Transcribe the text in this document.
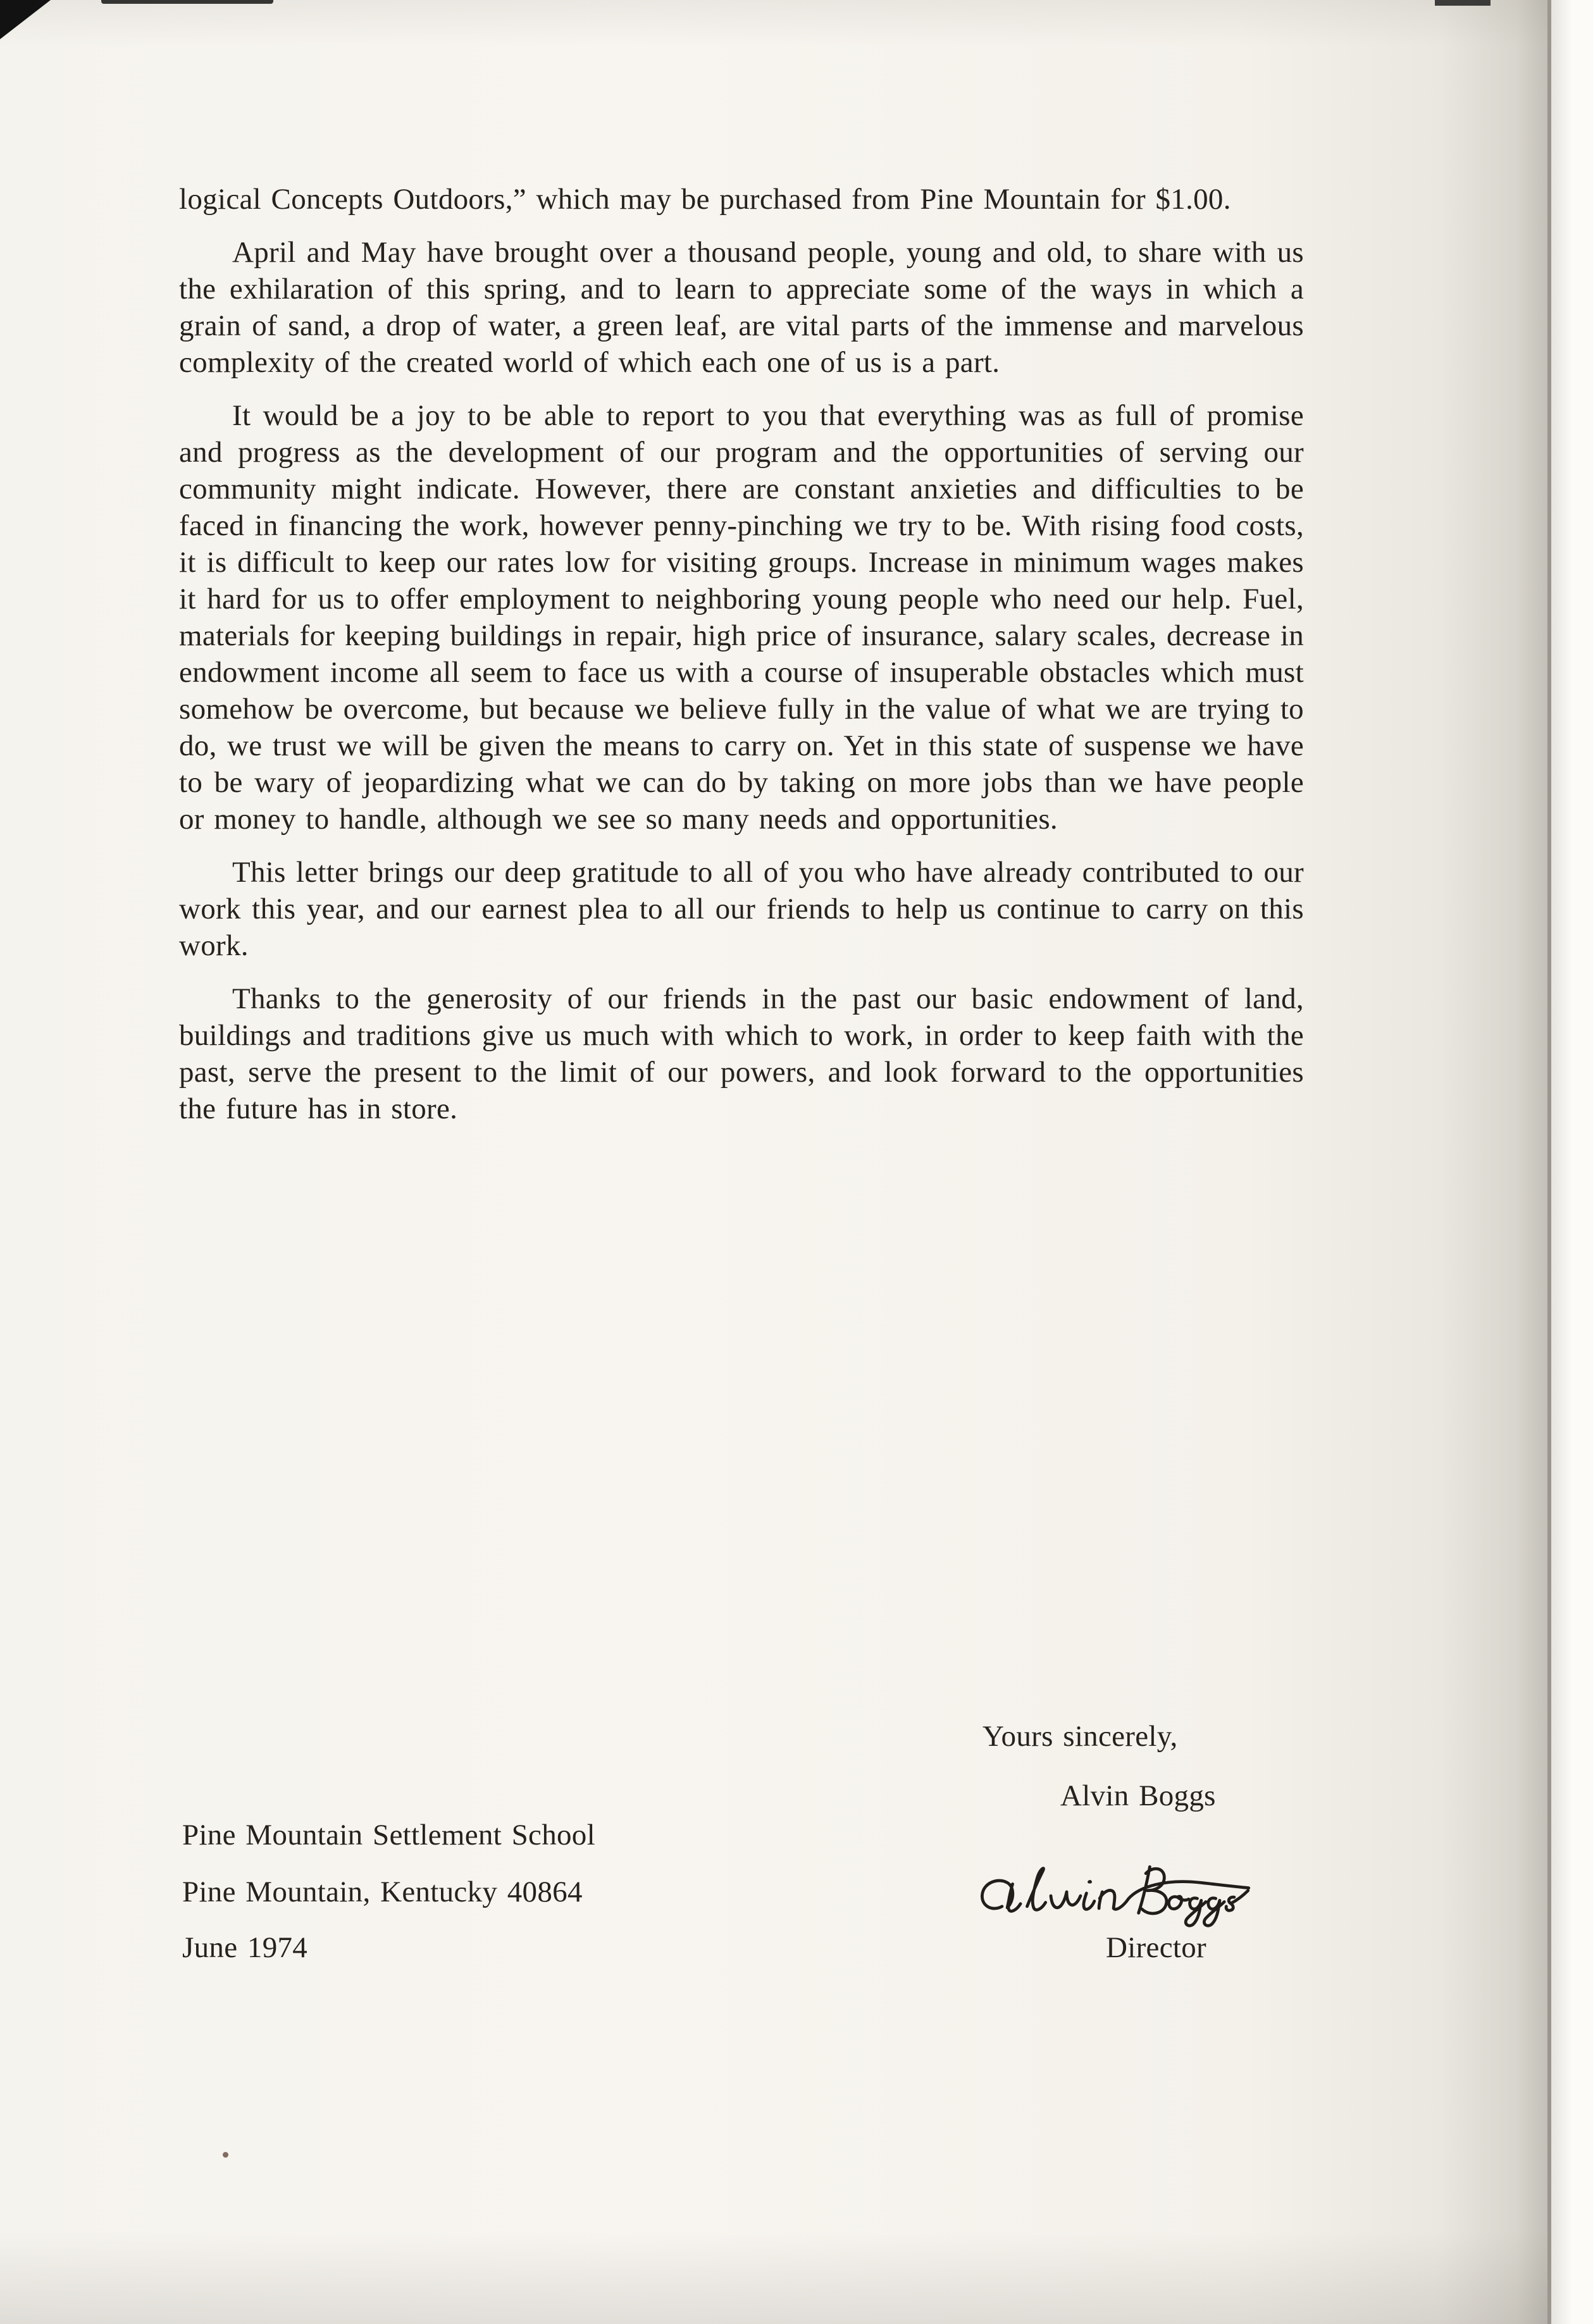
logical Concepts Outdoors,” which may be purchased from Pine Mountain for $1.00.

April and May have brought over a thousand people, young and old, to share with us the exhilaration of this spring, and to learn to appreciate some of the ways in which a grain of sand, a drop of water, a green leaf, are vital parts of the immense and marvelous complexity of the created world of which each one of us is a part.

It would be a joy to be able to report to you that everything was as full of promise and progress as the development of our program and the opportunities of serving our community might indicate. However, there are constant anxieties and difficulties to be faced in financing the work, however penny-pinching we try to be. With rising food costs, it is difficult to keep our rates low for visiting groups. Increase in minimum wages makes it hard for us to offer employment to neighboring young people who need our help. Fuel, materials for keeping buildings in repair, high price of insurance, salary scales, decrease in endowment income all seem to face us with a course of insuperable obstacles which must somehow be overcome, but because we believe fully in the value of what we are trying to do, we trust we will be given the means to carry on. Yet in this state of suspense we have to be wary of jeopardizing what we can do by taking on more jobs than we have people or money to handle, although we see so many needs and opportunities.

This letter brings our deep gratitude to all of you who have already contributed to our work this year, and our earnest plea to all our friends to help us continue to carry on this work.

Thanks to the generosity of our friends in the past our basic endowment of land, buildings and traditions give us much with which to work, in order to keep faith with the past, serve the present to the limit of our powers, and look forward to the opportunities the future has in store.

Yours sincerely,
Alvin Boggs
Director
Pine Mountain Settlement School
Pine Mountain, Kentucky 40864
June 1974
